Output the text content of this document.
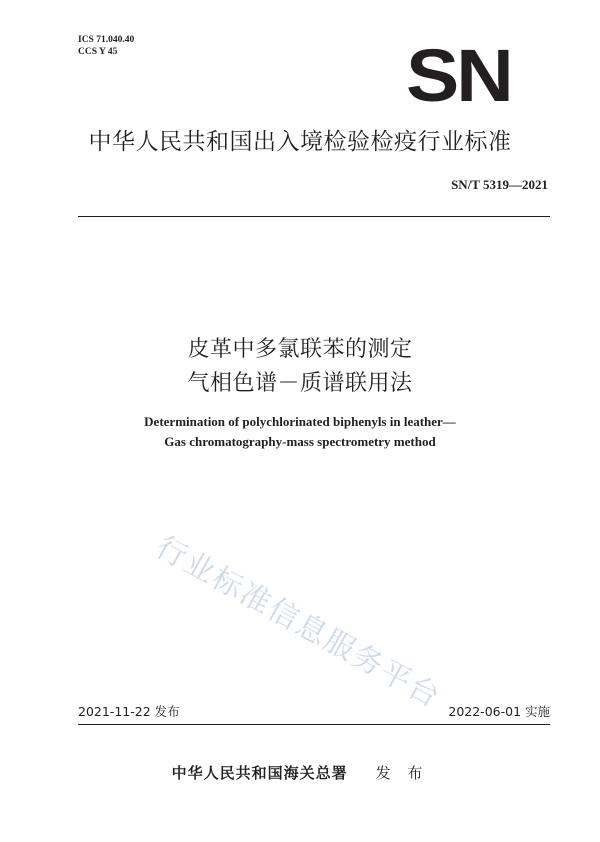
ICS 71.040.40
CCS Y 45	SN
中华人民共和国出入境检验检疫行业标准
SN/T 5319—2021
皮革中多氯联苯的测定
气相色谱－质谱联用法
Determination of polychlorinated biphenyls in leather—
Gas chromatography-mass spectrometry method
行业标准信息服务平台
2021-11-22 发布	2022-06-01 实施
中华人民共和国海关总署 发 布
